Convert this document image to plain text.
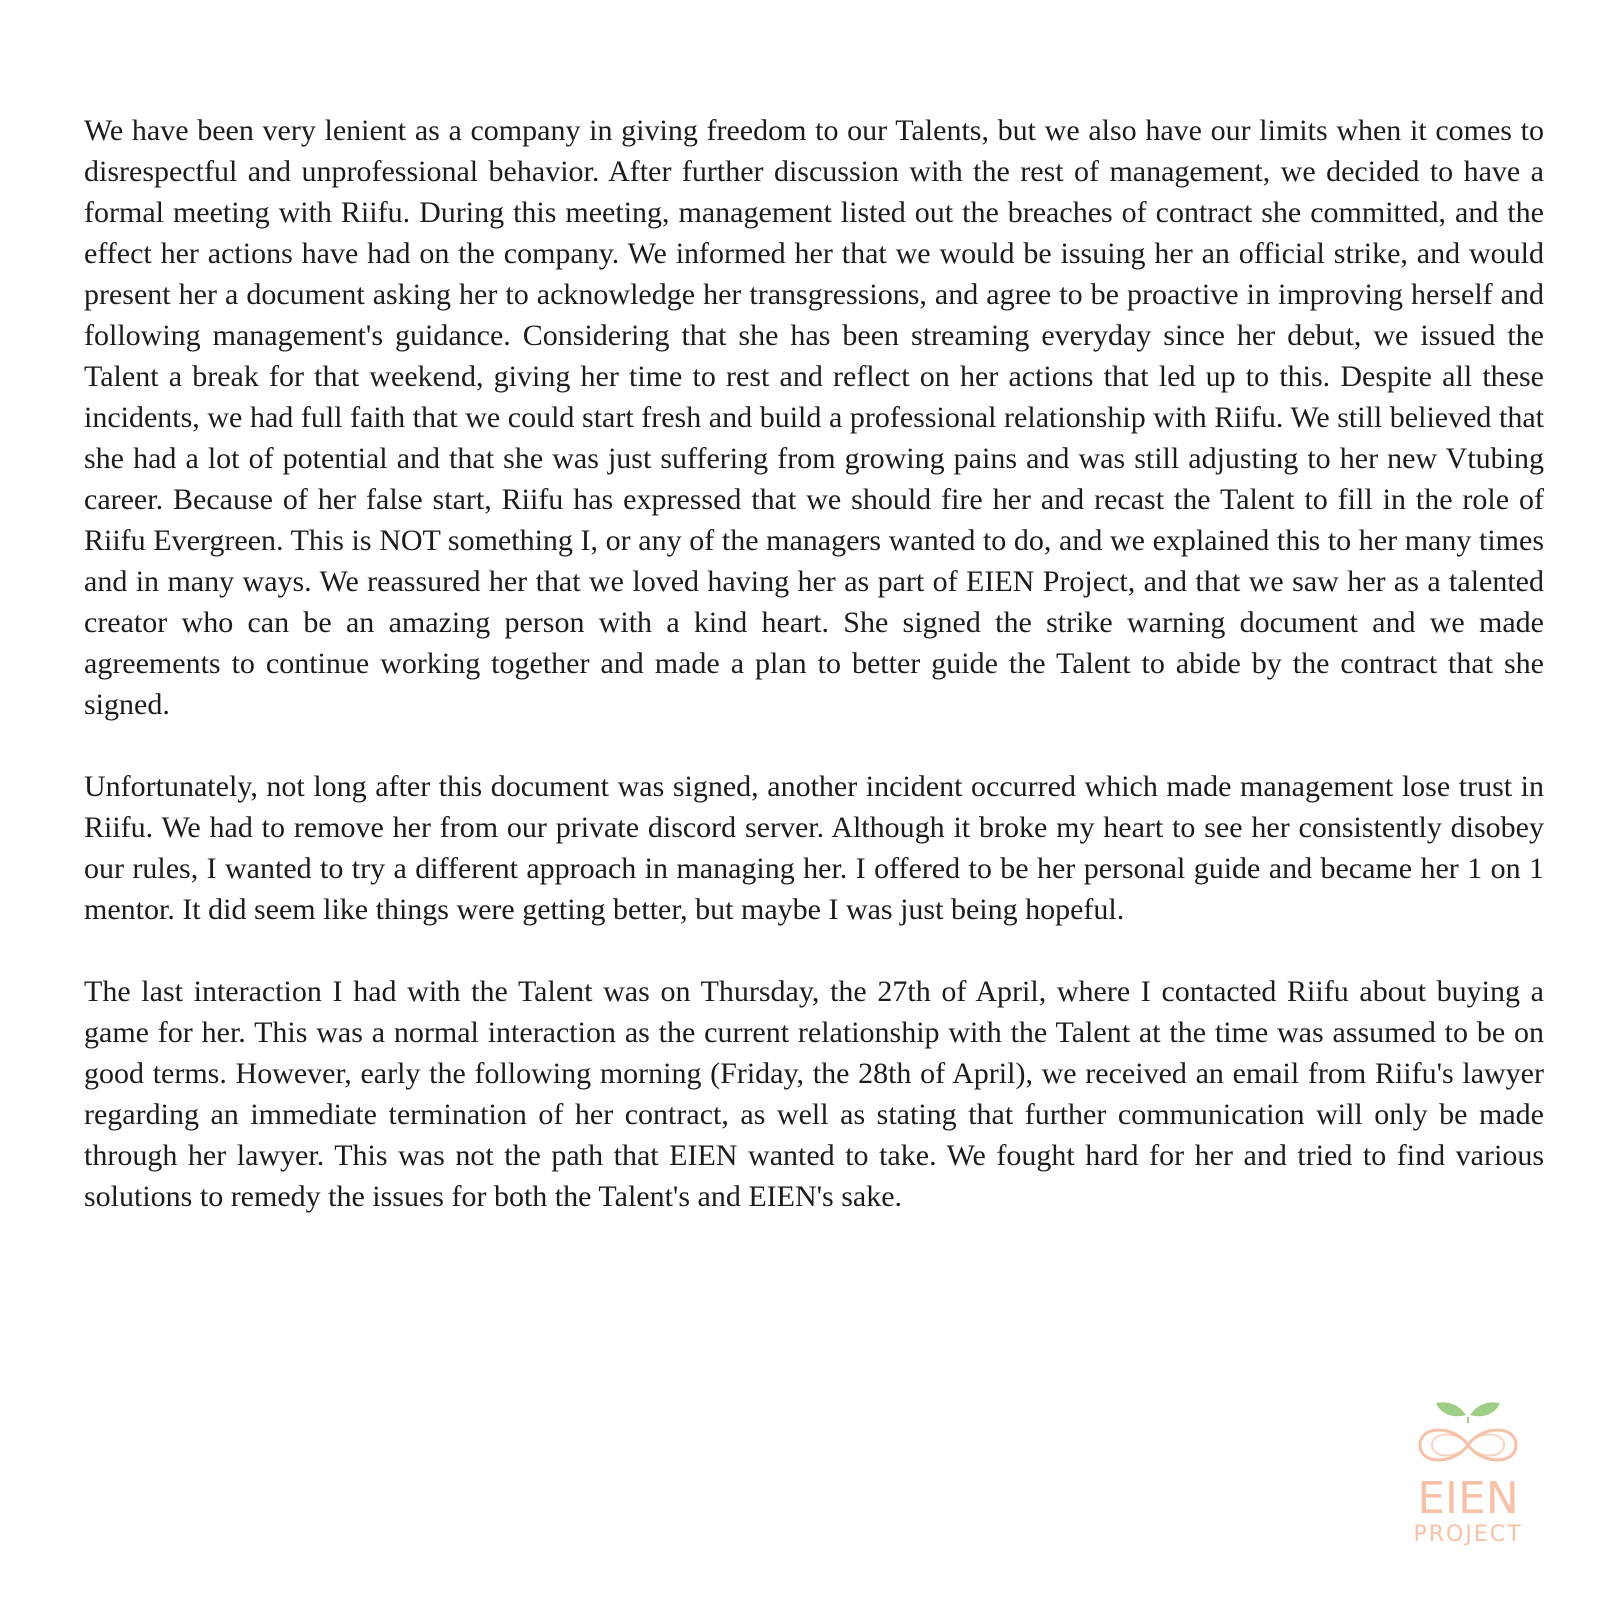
We have been very lenient as a company in giving freedom to our Talents, but we also have our limits when it comes to disrespectful and unprofessional behavior. After further discussion with the rest of management, we decided to have a formal meeting with Riifu. During this meeting, management listed out the breaches of contract she committed, and the effect her actions have had on the company. We informed her that we would be issuing her an official strike, and would present her a document asking her to acknowledge her transgressions, and agree to be proactive in improving herself and following management's guidance. Considering that she has been streaming everyday since her debut, we issued the Talent a break for that weekend, giving her time to rest and reflect on her actions that led up to this. Despite all these incidents, we had full faith that we could start fresh and build a professional relationship with Riifu. We still believed that she had a lot of potential and that she was just suffering from growing pains and was still adjusting to her new Vtubing career. Because of her false start, Riifu has expressed that we should fire her and recast the Talent to fill in the role of Riifu Evergreen. This is NOT something I, or any of the managers wanted to do, and we explained this to her many times and in many ways. We reassured her that we loved having her as part of EIEN Project, and that we saw her as a talented creator who can be an amazing person with a kind heart. She signed the strike warning document and we made agreements to continue working together and made a plan to better guide the Talent to abide by the contract that she signed.

Unfortunately, not long after this document was signed, another incident occurred which made management lose trust in Riifu. We had to remove her from our private discord server. Although it broke my heart to see her consistently disobey our rules, I wanted to try a different approach in managing her. I offered to be her personal guide and became her 1 on 1 mentor. It did seem like things were getting better, but maybe I was just being hopeful.

The last interaction I had with the Talent was on Thursday, the 27th of April, where I contacted Riifu about buying a game for her. This was a normal interaction as the current relationship with the Talent at the time was assumed to be on good terms. However, early the following morning (Friday, the 28th of April), we received an email from Riifu's lawyer regarding an immediate termination of her contract, as well as stating that further communication will only be made through her lawyer. This was not the path that EIEN wanted to take. We fought hard for her and tried to find various solutions to remedy the issues for both the Talent's and EIEN's sake.

EIEN
PROJECT
